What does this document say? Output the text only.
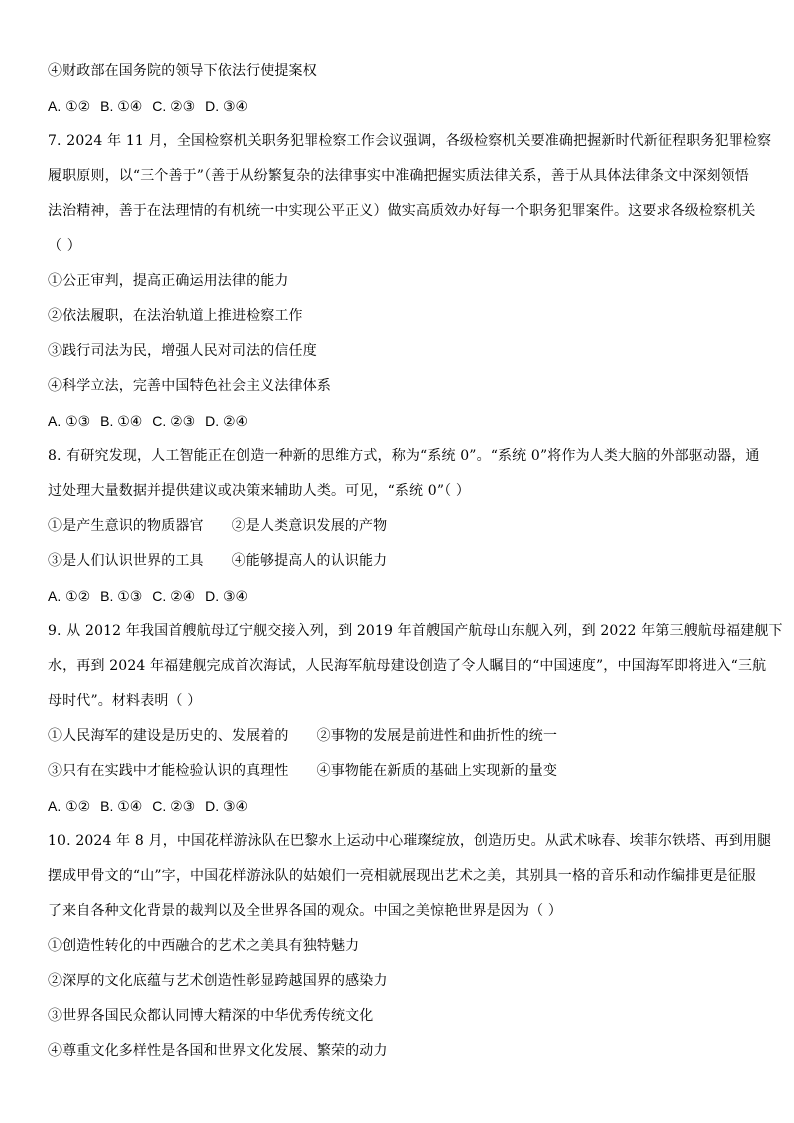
④财政部在国务院的领导下依法行使提案权
A. ①② B. ①④ C. ②③ D. ③④
7. 2024 年 11 月，全国检察机关职务犯罪检察工作会议强调，各级检察机关要准确把握新时代新征程职务犯罪检察
履职原则，以“三个善于”（善于从纷繁复杂的法律事实中准确把握实质法律关系，善于从具体法律条文中深刻领悟
法治精神，善于在法理情的有机统一中实现公平正义）做实高质效办好每一个职务犯罪案件。这要求各级检察机关
（ ）
①公正审判，提高正确运用法律的能力
②依法履职，在法治轨道上推进检察工作
③践行司法为民，增强人民对司法的信任度
④科学立法，完善中国特色社会主义法律体系
A. ①③ B. ①④ C. ②③ D. ②④
8. 有研究发现，人工智能正在创造一种新的思维方式，称为“系统 0”。“系统 0”将作为人类大脑的外部驱动器，通
过处理大量数据并提供建议或决策来辅助人类。可见，“系统 0”（ ）
①是产生意识的物质器官 ②是人类意识发展的产物
③是人们认识世界的工具 ④能够提高人的认识能力
A. ①② B. ①③ C. ②④ D. ③④
9. 从 2012 年我国首艘航母辽宁舰交接入列，到 2019 年首艘国产航母山东舰入列，到 2022 年第三艘航母福建舰下
水，再到 2024 年福建舰完成首次海试，人民海军航母建设创造了令人瞩目的“中国速度”，中国海军即将进入“三航
母时代”。材料表明（ ）
①人民海军的建设是历史的、发展着的 ②事物的发展是前进性和曲折性的统一
③只有在实践中才能检验认识的真理性 ④事物能在新质的基础上实现新的量变
A. ①② B. ①④ C. ②③ D. ③④
10. 2024 年 8 月，中国花样游泳队在巴黎水上运动中心璀璨绽放，创造历史。从武术咏春、埃菲尔铁塔、再到用腿
摆成甲骨文的“山”字，中国花样游泳队的姑娘们一亮相就展现出艺术之美，其别具一格的音乐和动作编排更是征服
了来自各种文化背景的裁判以及全世界各国的观众。中国之美惊艳世界是因为（ ）
①创造性转化的中西融合的艺术之美具有独特魅力
②深厚的文化底蕴与艺术创造性彰显跨越国界的感染力
③世界各国民众都认同博大精深的中华优秀传统文化
④尊重文化多样性是各国和世界文化发展、繁荣的动力
